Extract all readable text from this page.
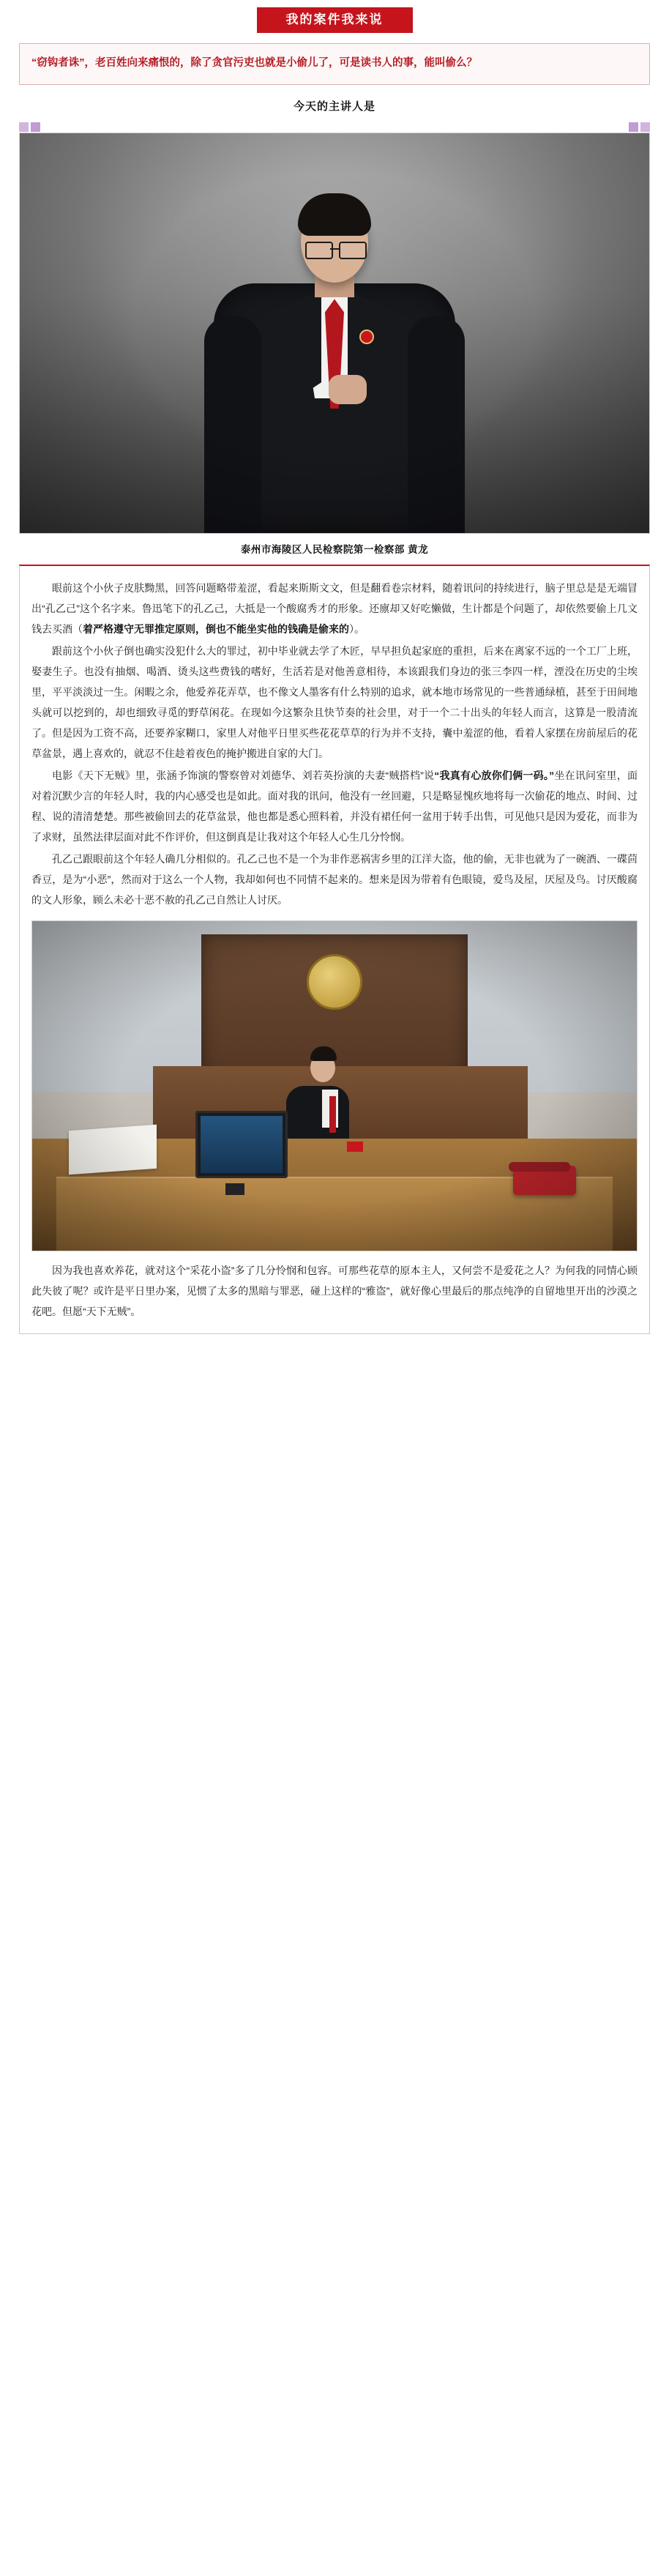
我的案件我来说

“窃钩者诛”，老百姓向来痛恨的，除了贪官污吏也就是小偷儿了，可是读书人的事，能叫偷么？

今天的主讲人是
泰州市海陵区人民检察院第一检察部 黄龙

眼前这个小伙子皮肤黝黑，回答问题略带羞涩，看起来斯斯文文，但是翻看卷宗材料，随着讯问的持续进行，脑子里总是是无端冒出“孔乙己”这个名字来。鲁迅笔下的孔乙己，大抵是一个酸腐秀才的形象。还廪却又好吃懒做，生计都是个问题了，却依然要偷上几文钱去买酒（着严格遵守无罪推定原则，倒也不能坐实他的钱确是偷来的）。

跟前这个小伙子倒也确实没犯什么大的罪过，初中毕业就去学了木匠，早早担负起家庭的重担，后来在离家不远的一个工厂上班，娶妻生子。也没有抽烟、喝酒、烫头这些费钱的嗜好，生活若是对他善意相待，本该跟我们身边的张三李四一样，湮没在历史的尘埃里，平平淡淡过一生。闲暇之余，他爱养花弄草，也不像文人墨客有什么特别的追求，就本地市场常见的一些普通绿植，甚至于田间地头就可以挖到的，却也细致寻觅的野草闲花。在现如今这繁杂且快节奏的社会里，对于一个二十出头的年轻人而言，这算是一股清流了。但是因为工资不高，还要养家糊口，家里人对他平日里买些花花草草的行为并不支持，囊中羞涩的他，看着人家摆在房前屋后的花草盆景，遇上喜欢的，就忍不住趁着夜色的掩护搬进自家的大门。

电影《天下无贼》里，张涵予饰演的警察曾对刘德华、刘若英扮演的夫妻“贼搭档”说“我真有心放你们俩一码。”坐在讯问室里，面对着沉默少言的年轻人时，我的内心感受也是如此。面对我的讯问，他没有一丝回避，只是略显愧疚地将每一次偷花的地点、时间、过程、说的清清楚楚。那些被偷回去的花草盆景，他也都是悉心照料着，并没有裙任何一盆用于转手出售，可见他只是因为爱花，而非为了求财，虽然法律层面对此不作评价，但这倒真是让我对这个年轻人心生几分怜悯。

孔乙己跟眼前这个年轻人确几分相似的。孔乙己也不是一个为非作恶祸害乡里的江洋大盗，他的偷，无非也就为了一碗酒、一碟茴香豆，是为“小恶”，然而对于这么一个人物，我却如何也不同情不起来的。想来是因为带着有色眼镜，爱鸟及屋，厌屋及鸟。讨厌酸腐的文人形象，顾么未必十恶不赦的孔乙己自然让人讨厌。

因为我也喜欢养花，就对这个“采花小盗”多了几分怜悯和包容。可那些花草的原本主人，又何尝不是爱花之人？为何我的同情心顾此失彼了呢？或许是平日里办案，见惯了太多的黑暗与罪恶，碰上这样的“雅盗”，就好像心里最后的那点纯净的自留地里开出的沙漠之花吧。但愿“天下无贼”。
